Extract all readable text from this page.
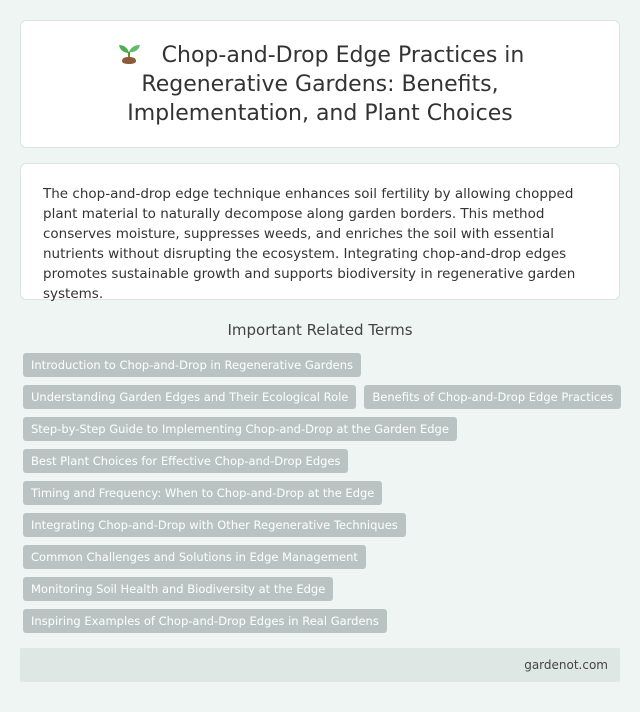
Chop-and-Drop Edge Practices in Regenerative Gardens: Benefits, Implementation, and Plant Choices

The chop-and-drop edge technique enhances soil fertility by allowing chopped plant material to naturally decompose along garden borders. This method conserves moisture, suppresses weeds, and enriches the soil with essential nutrients without disrupting the ecosystem. Integrating chop-and-drop edges promotes sustainable growth and supports biodiversity in regenerative garden systems.

Important Related Terms
Introduction to Chop-and-Drop in Regenerative Gardens
Understanding Garden Edges and Their Ecological Role	Benefits of Chop-and-Drop Edge Practices
Step-by-Step Guide to Implementing Chop-and-Drop at the Garden Edge
Best Plant Choices for Effective Chop-and-Drop Edges
Timing and Frequency: When to Chop-and-Drop at the Edge
Integrating Chop-and-Drop with Other Regenerative Techniques
Common Challenges and Solutions in Edge Management
Monitoring Soil Health and Biodiversity at the Edge
Inspiring Examples of Chop-and-Drop Edges in Real Gardens
gardenot.com
